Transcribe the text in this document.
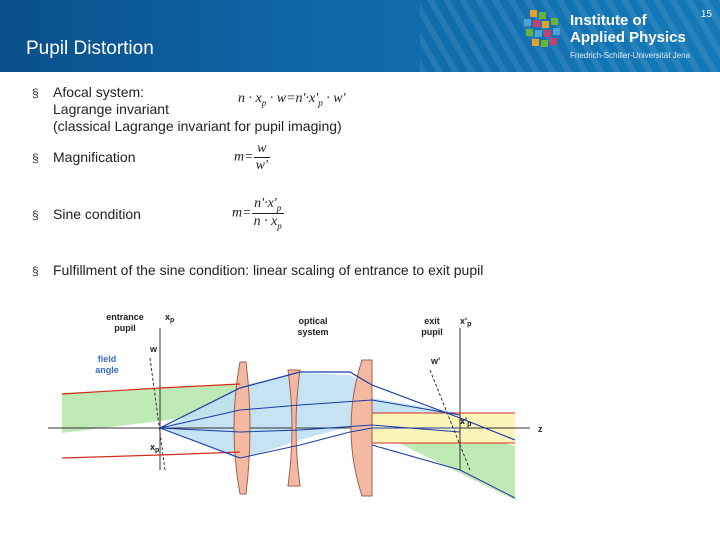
15
Pupil Distortion
Institute of
Applied Physics
Friedrich-Schiller-Universität Jena
§ Afocal system:
Lagrange invariant
(classical Lagrange invariant for pupil imaging)
$n \cdot x_p \cdot w=n'\cdot x'_p \cdot w'$
§ Magnification	$m= \frac{w}{w'}$
§ Sine condition	$m= \frac{n'\cdot x'_p}{n \cdot x_p}$
§ Fulfillment of the sine condition: linear scaling of entrance to exit pupil
entrance pupil
$x_p$
w
field angle
$x_p$
optical system
exit pupil
$x'_p$
w'
$x'_p$	z
